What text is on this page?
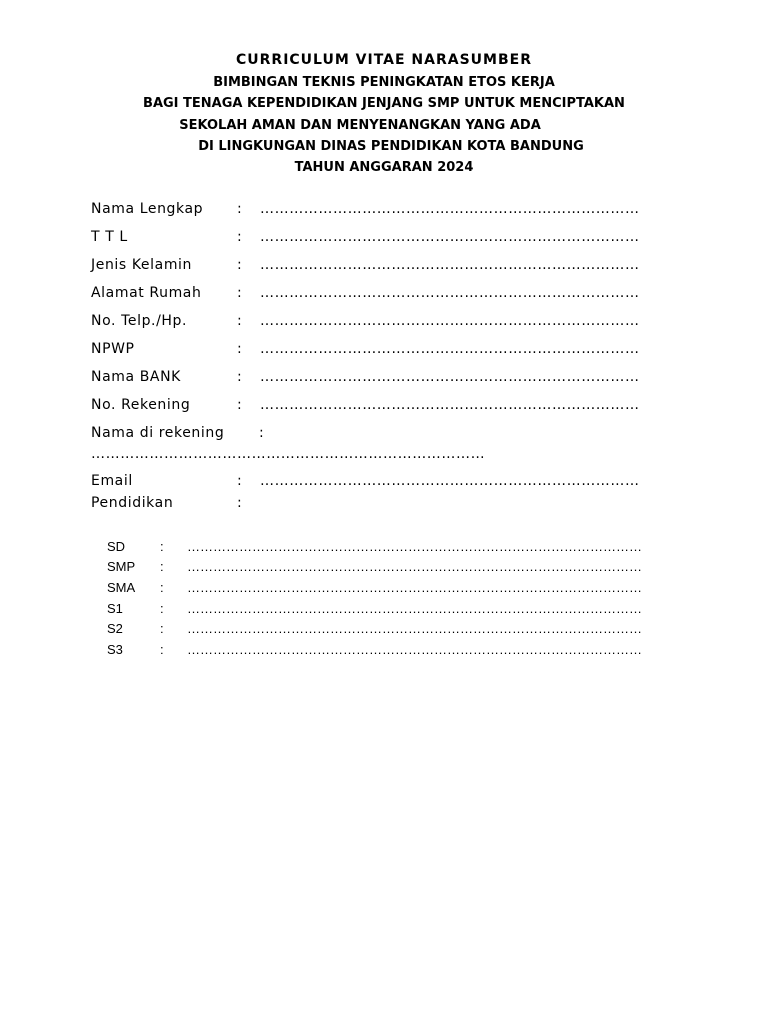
CURRICULUM VITAE NARASUMBER
BIMBINGAN TEKNIS PENINGKATAN ETOS KERJA
BAGI TENAGA KEPENDIDIKAN JENJANG SMP UNTUK MENCIPTAKAN
SEKOLAH AMAN DAN MENYENANGKAN YANG ADA
DI LINGKUNGAN DINAS PENDIDIKAN KOTA BANDUNG
TAHUN ANGGARAN 2024
Nama Lengkap : ……………………………………………………………………
T T L	: ……………………………………………………………………
Jenis Kelamin	: ……………………………………………………………………
Alamat Rumah	: ……………………………………………………………………
No. Telp./Hp.	: ……………………………………………………………………
NPWP	: ……………………………………………………………………
Nama BANK	: ……………………………………………………………………
No. Rekening	: ……………………………………………………………………
Nama di rekening :
………………………………………………………………………
Email	: ……………………………………………………………………
Pendidikan	:
SD	: ……………………………………………………………………………………………
SMP : ……………………………………………………………………………………………
SMA : ……………………………………………………………………………………………
S1	: ……………………………………………………………………………………………
S2	: ……………………………………………………………………………………………
S3	: ……………………………………………………………………………………………
